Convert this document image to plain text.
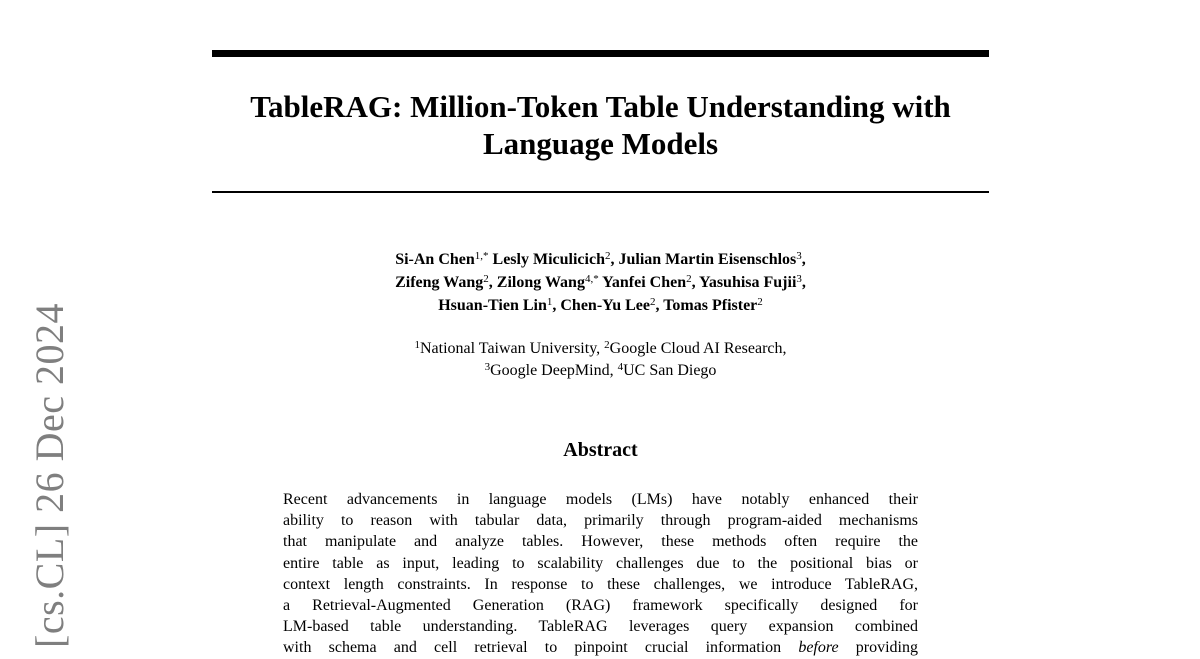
[cs.CL] 26 Dec 2024
TableRAG: Million-Token Table Understanding with
Language Models
Si-An Chen$^{1,*}$ Lesly Miculicich$^2$, Julian Martin Eisenschlos$^3$,
Zifeng Wang$^2$, Zilong Wang$^{4,*}$ Yanfei Chen$^2$, Yasuhisa Fujii$^3$,
Hsuan-Tien Lin$^1$, Chen-Yu Lee$^2$, Tomas Pfister$^2$
$^1$National Taiwan University, $^2$Google Cloud AI Research,
$^3$Google DeepMind, $^4$UC San Diego
Abstract
Recent advancements in language models (LMs) have notably enhanced their
ability to reason with tabular data, primarily through program-aided mechanisms
that manipulate and analyze tables. However, these methods often require the
entire table as input, leading to scalability challenges due to the positional bias or
context length constraints. In response to these challenges, we introduce TableRAG,
a Retrieval-Augmented Generation (RAG) framework specifically designed for
LM-based table understanding. TableRAG leverages query expansion combined
with schema and cell retrieval to pinpoint crucial information before providing
